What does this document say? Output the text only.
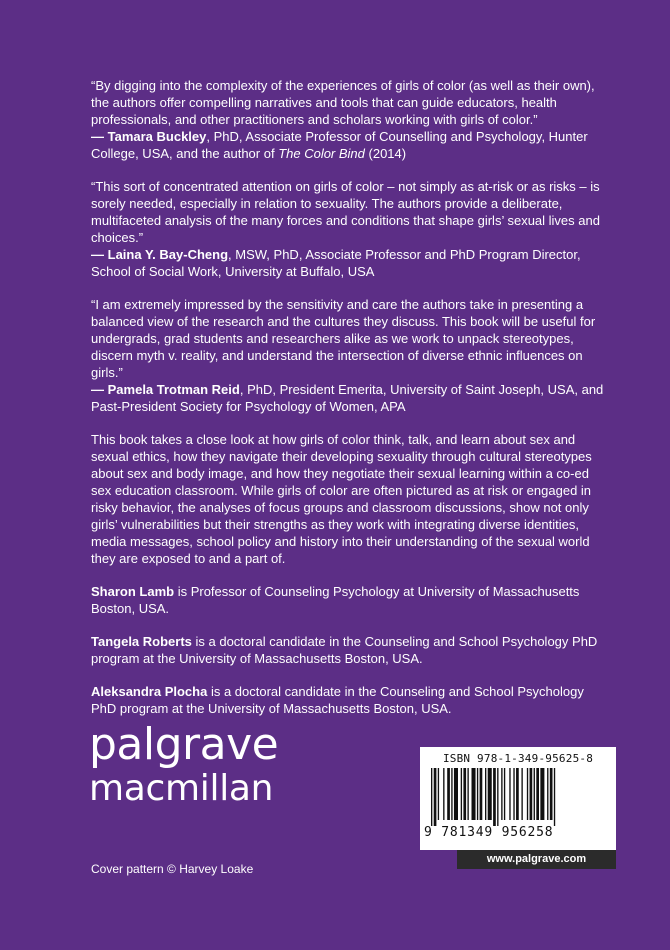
“By digging into the complexity of the experiences of girls of color (as well as their own), the authors offer compelling narratives and tools that can guide educators, health professionals, and other practitioners and scholars working with girls of color.”
— Tamara Buckley, PhD, Associate Professor of Counselling and Psychology, Hunter College, USA, and the author of The Color Bind (2014)

“This sort of concentrated attention on girls of color – not simply as at-risk or as risks – is sorely needed, especially in relation to sexuality. The authors provide a deliberate, multifaceted analysis of the many forces and conditions that shape girls’ sexual lives and choices.”
— Laina Y. Bay-Cheng, MSW, PhD, Associate Professor and PhD Program Director, School of Social Work, University at Buffalo, USA

“I am extremely impressed by the sensitivity and care the authors take in presenting a balanced view of the research and the cultures they discuss. This book will be useful for undergrads, grad students and researchers alike as we work to unpack stereotypes, discern myth v. reality, and understand the intersection of diverse ethnic influences on girls.”
— Pamela Trotman Reid, PhD, President Emerita, University of Saint Joseph, USA, and Past-President Society for Psychology of Women, APA

This book takes a close look at how girls of color think, talk, and learn about sex and sexual ethics, how they navigate their developing sexuality through cultural stereotypes about sex and body image, and how they negotiate their sexual learning within a co-ed sex education classroom. While girls of color are often pictured as at risk or engaged in risky behavior, the analyses of focus groups and classroom discussions, show not only girls’ vulnerabilities but their strengths as they work with integrating diverse identities, media messages, school policy and history into their understanding of the sexual world they are exposed to and a part of.

Sharon Lamb is Professor of Counseling Psychology at University of Massachusetts Boston, USA.

Tangela Roberts is a doctoral candidate in the Counseling and School Psychology PhD program at the University of Massachusetts Boston, USA.

Aleksandra Plocha is a doctoral candidate in the Counseling and School Psychology PhD program at the University of Massachusetts Boston, USA.

palgrave
macmillan
Cover pattern © Harvey Loake
ISBN 978-1-349-95625-8
9 781349 956258
www.palgrave.com
